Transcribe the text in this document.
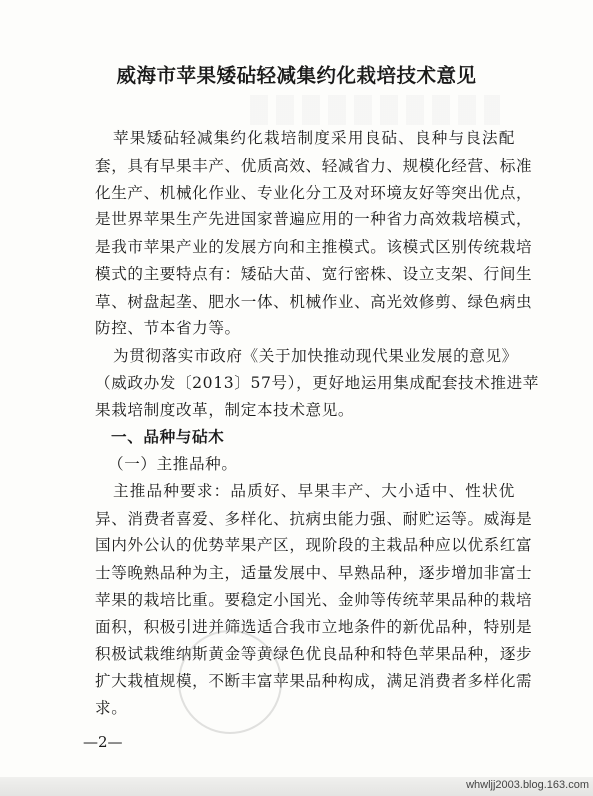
威海市苹果矮砧轻减集约化栽培技术意见
苹果矮砧轻减集约化栽培制度采用良砧、良种与良法配
套，具有早果丰产、优质高效、轻减省力、规模化经营、标准
化生产、机械化作业、专业化分工及对环境友好等突出优点，
是世界苹果生产先进国家普遍应用的一种省力高效栽培模式，
是我市苹果产业的发展方向和主推模式。该模式区别传统栽培
模式的主要特点有：矮砧大苗、宽行密株、设立支架、行间生
草、树盘起垄、肥水一体、机械作业、高光效修剪、绿色病虫
防控、节本省力等。
为贯彻落实市政府《关于加快推动现代果业发展的意见》
（威政办发〔2013〕57号），更好地运用集成配套技术推进苹
果栽培制度改革，制定本技术意见。
一、品种与砧木
（一）主推品种。
主推品种要求：品质好、早果丰产、大小适中、性状优
异、消费者喜爱、多样化、抗病虫能力强、耐贮运等。威海是
国内外公认的优势苹果产区，现阶段的主栽品种应以优系红富
士等晚熟品种为主，适量发展中、早熟品种，逐步增加非富士
苹果的栽培比重。要稳定小国光、金帅等传统苹果品种的栽培
面积，积极引进并筛选适合我市立地条件的新优品种，特别是
积极试栽维纳斯黄金等黄绿色优良品种和特色苹果品种，逐步
扩大栽植规模，不断丰富苹果品种构成，满足消费者多样化需
求。
—2—
whwljj2003.blog.163.com
